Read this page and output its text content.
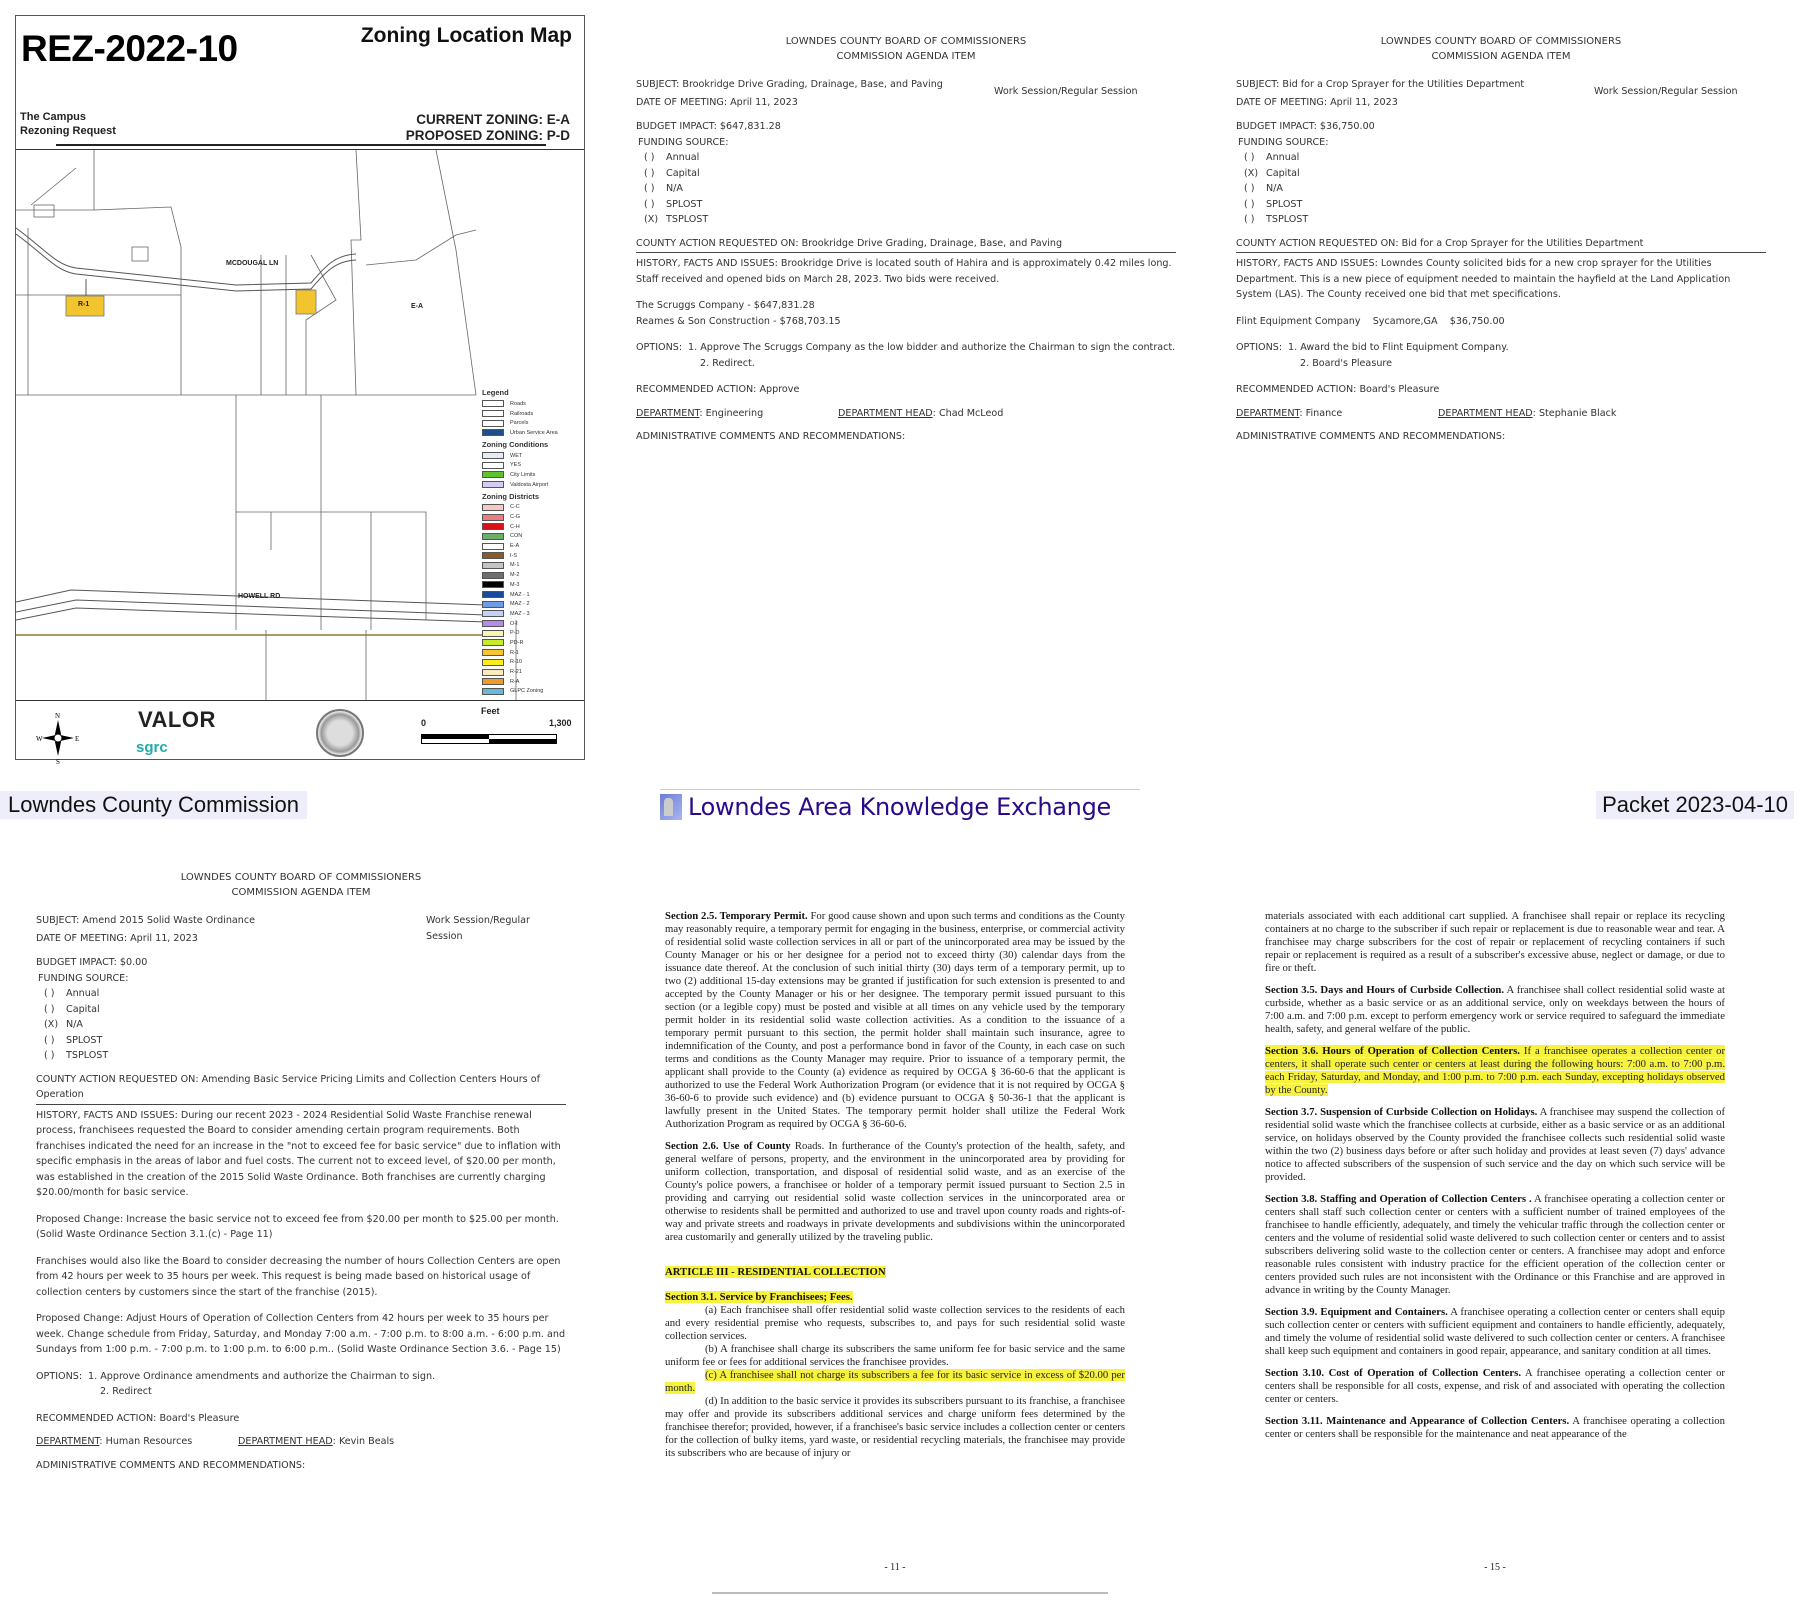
REZ-2022-10	Zoning Location Map
The Campus
Rezoning Request
CURRENT ZONING: E-A
PROPOSED ZONING: P-D
MCDOUGAL LN
HOWELL RD
R-1	E-A
Legend
Roads
Railroads
Parcels
Urban Service Area
Zoning Conditions
WET
YES
City Limits
Valdosta Airport
Zoning Districts
C-C
C-G
C-H
CON
E-A
I-S
M-1
M-2
M-3
MAZ - 1
MAZ - 2
MAZ - 3
O-I
P-D
PD-R
R-1
R-10
R-21
R-A
GLPC Zoning
N
S
W	E
VALOR
sgrc
Feet
0	1,300
LOWNDES COUNTY BOARD OF COMMISSIONERS
COMMISSION AGENDA ITEM

SUBJECT: Brookridge Drive Grading, Drainage, Base, and Paving

DATE OF MEETING: April 11, 2023

Work Session/Regular Session

BUDGET IMPACT: $647,831.28

FUNDING SOURCE:

( )	Annual
( )	Capital
( )	N/A
( )	SPLOST
(X) TSPLOST

COUNTY ACTION REQUESTED ON: Brookridge Drive Grading, Drainage, Base, and Paving

HISTORY, FACTS AND ISSUES: Brookridge Drive is located south of Hahira and is approximately 0.42 miles long. Staff received and opened bids on March 28, 2023. Two bids were received.

The Scruggs Company - $647,831.28

Reames & Son Construction - $768,703.15

OPTIONS: 1. Approve The Scruggs Company as the low bidder and authorize the Chairman to sign the contract.
2. Redirect.

RECOMMENDED ACTION: Approve

DEPARTMENT: Engineering	DEPARTMENT HEAD: Chad McLeod

ADMINISTRATIVE COMMENTS AND RECOMMENDATIONS:

LOWNDES COUNTY BOARD OF COMMISSIONERS
COMMISSION AGENDA ITEM

SUBJECT: Bid for a Crop Sprayer for the Utilities Department

DATE OF MEETING: April 11, 2023

Work Session/Regular Session

BUDGET IMPACT: $36,750.00

FUNDING SOURCE:

( )	Annual
(X) Capital
( )	N/A
( )	SPLOST
( )	TSPLOST

COUNTY ACTION REQUESTED ON: Bid for a Crop Sprayer for the Utilities Department

HISTORY, FACTS AND ISSUES: Lowndes County solicited bids for a new crop sprayer for the Utilities Department. This is a new piece of equipment needed to maintain the hayfield at the Land Application System (LAS). The County received one bid that met specifications.

Flint Equipment Company    Sycamore,GA    $36,750.00

OPTIONS: 1. Award the bid to Flint Equipment Company.
2. Board's Pleasure

RECOMMENDED ACTION: Board's Pleasure

DEPARTMENT: Finance	DEPARTMENT HEAD: Stephanie Black

ADMINISTRATIVE COMMENTS AND RECOMMENDATIONS:

Lowndes County Commission	Lowndes Area Knowledge Exchange	Packet 2023-04-10
LOWNDES COUNTY BOARD OF COMMISSIONERS
COMMISSION AGENDA ITEM

SUBJECT: Amend 2015 Solid Waste Ordinance

DATE OF MEETING: April 11, 2023

Work Session/Regular Session

BUDGET IMPACT: $0.00

FUNDING SOURCE:

( )	Annual
( )	Capital
(X) N/A
( )	SPLOST
( )	TSPLOST

COUNTY ACTION REQUESTED ON: Amending Basic Service Pricing Limits and Collection Centers Hours of Operation

HISTORY, FACTS AND ISSUES: During our recent 2023 - 2024 Residential Solid Waste Franchise renewal process, franchisees requested the Board to consider amending certain program requirements. Both franchises indicated the need for an increase in the "not to exceed fee for basic service" due to inflation with specific emphasis in the areas of labor and fuel costs. The current not to exceed level, of $20.00 per month, was established in the creation of the 2015 Solid Waste Ordinance. Both franchises are currently charging $20.00/month for basic service.

Proposed Change: Increase the basic service not to exceed fee from $20.00 per month to $25.00 per month. (Solid Waste Ordinance Section 3.1.(c) - Page 11)

Franchises would also like the Board to consider decreasing the number of hours Collection Centers are open from 42 hours per week to 35 hours per week. This request is being made based on historical usage of collection centers by customers since the start of the franchise (2015).

Proposed Change: Adjust Hours of Operation of Collection Centers from 42 hours per week to 35 hours per week. Change schedule from Friday, Saturday, and Monday 7:00 a.m. - 7:00 p.m. to 8:00 a.m. - 6:00 p.m. and Sundays from 1:00 p.m. - 7:00 p.m. to 1:00 p.m. to 6:00 p.m.. (Solid Waste Ordinance Section 3.6. - Page 15)

OPTIONS: 1. Approve Ordinance amendments and authorize the Chairman to sign.
2. Redirect

RECOMMENDED ACTION: Board's Pleasure

DEPARTMENT: Human Resources	DEPARTMENT HEAD: Kevin Beals

ADMINISTRATIVE COMMENTS AND RECOMMENDATIONS:

Section 2.5. Temporary Permit. For good cause shown and upon such terms and conditions as the County may reasonably require, a temporary permit for engaging in the business, enterprise, or commercial activity of residential solid waste collection services in all or part of the unincorporated area may be issued by the County Manager or his or her designee for a period not to exceed thirty (30) calendar days from the issuance date thereof. At the conclusion of such initial thirty (30) days term of a temporary permit, up to two (2) additional 15-day extensions may be granted if justification for such extension is presented to and accepted by the County Manager or his or her designee. The temporary permit issued pursuant to this section (or a legible copy) must be posted and visible at all times on any vehicle used by the temporary permit holder in its residential solid waste collection activities. As a condition to the issuance of a temporary permit pursuant to this section, the permit holder shall maintain such insurance, agree to indemnification of the County, and post a performance bond in favor of the County, in each case on such terms and conditions as the County Manager may require. Prior to issuance of a temporary permit, the applicant shall provide to the County (a) evidence as required by OCGA § 36-60-6 that the applicant is authorized to use the Federal Work Authorization Program (or evidence that it is not required by OCGA § 36-60-6 to provide such evidence) and (b) evidence pursuant to OCGA § 50-36-1 that the applicant is lawfully present in the United States. The temporary permit holder shall utilize the Federal Work Authorization Program as required by OCGA § 36-60-6.

Section 2.6. Use of County Roads. In furtherance of the County's protection of the health, safety, and general welfare of persons, property, and the environment in the unincorporated area by providing for uniform collection, transportation, and disposal of residential solid waste, and as an exercise of the County's police powers, a franchisee or holder of a temporary permit issued pursuant to Section 2.5 in providing and carrying out residential solid waste collection services in the unincorporated area or otherwise to residents shall be permitted and authorized to use and travel upon county roads and rights-of-way and private streets and roadways in private developments and subdivisions within the unincorporated area customarily and generally utilized by the traveling public.

ARTICLE III - RESIDENTIAL COLLECTION

Section 3.1. Service by Franchisees; Fees.

(a) Each franchisee shall offer residential solid waste collection services to the residents of each and every residential premise who requests, subscribes to, and pays for such residential solid waste collection services.

(b) A franchisee shall charge its subscribers the same uniform fee for basic service and the same uniform fee or fees for additional services the franchisee provides.

(c) A franchisee shall not charge its subscribers a fee for its basic service in excess of $20.00 per month.

(d) In addition to the basic service it provides its subscribers pursuant to its franchise, a franchisee may offer and provide its subscribers additional services and charge uniform fees determined by the franchisee therefor; provided, however, if a franchisee's basic service includes a collection center or centers for the collection of bulky items, yard waste, or residential recycling materials, the franchisee may provide its subscribers who are because of injury or

- 11 -

materials associated with each additional cart supplied. A franchisee shall repair or replace its recycling containers at no charge to the subscriber if such repair or replacement is due to reasonable wear and tear. A franchisee may charge subscribers for the cost of repair or replacement of recycling containers if such repair or replacement is required as a result of a subscriber's excessive abuse, neglect or damage, or due to fire or theft.

Section 3.5. Days and Hours of Curbside Collection. A franchisee shall collect residential solid waste at curbside, whether as a basic service or as an additional service, only on weekdays between the hours of 7:00 a.m. and 7:00 p.m. except to perform emergency work or service required to safeguard the immediate health, safety, and general welfare of the public.

Section 3.6. Hours of Operation of Collection Centers. If a franchisee operates a collection center or centers, it shall operate such center or centers at least during the following hours: 7:00 a.m. to 7:00 p.m. each Friday, Saturday, and Monday, and 1:00 p.m. to 7:00 p.m. each Sunday, excepting holidays observed by the County.

Section 3.7. Suspension of Curbside Collection on Holidays. A franchisee may suspend the collection of residential solid waste which the franchisee collects at curbside, either as a basic service or as an additional service, on holidays observed by the County provided the franchisee collects such residential solid waste within the two (2) business days before or after such holiday and provides at least seven (7) days' advance notice to affected subscribers of the suspension of such service and the day on which such service will be provided.

Section 3.8. Staffing and Operation of Collection Centers . A franchisee operating a collection center or centers shall staff such collection center or centers with a sufficient number of trained employees of the franchisee to handle efficiently, adequately, and timely the vehicular traffic through the collection center or centers and the volume of residential solid waste delivered to such collection center or centers and to assist subscribers delivering solid waste to the collection center or centers. A franchisee may adopt and enforce reasonable rules consistent with industry practice for the efficient operation of the collection center or centers provided such rules are not inconsistent with the Ordinance or this Franchise and are approved in advance in writing by the County Manager.

Section 3.9. Equipment and Containers. A franchisee operating a collection center or centers shall equip such collection center or centers with sufficient equipment and containers to handle efficiently, adequately, and timely the volume of residential solid waste delivered to such collection center or centers. A franchisee shall keep such equipment and containers in good repair, appearance, and sanitary condition at all times.

Section 3.10. Cost of Operation of Collection Centers. A franchisee operating a collection center or centers shall be responsible for all costs, expense, and risk of and associated with operating the collection center or centers.

Section 3.11. Maintenance and Appearance of Collection Centers. A franchisee operating a collection center or centers shall be responsible for the maintenance and neat appearance of the

- 15 -
